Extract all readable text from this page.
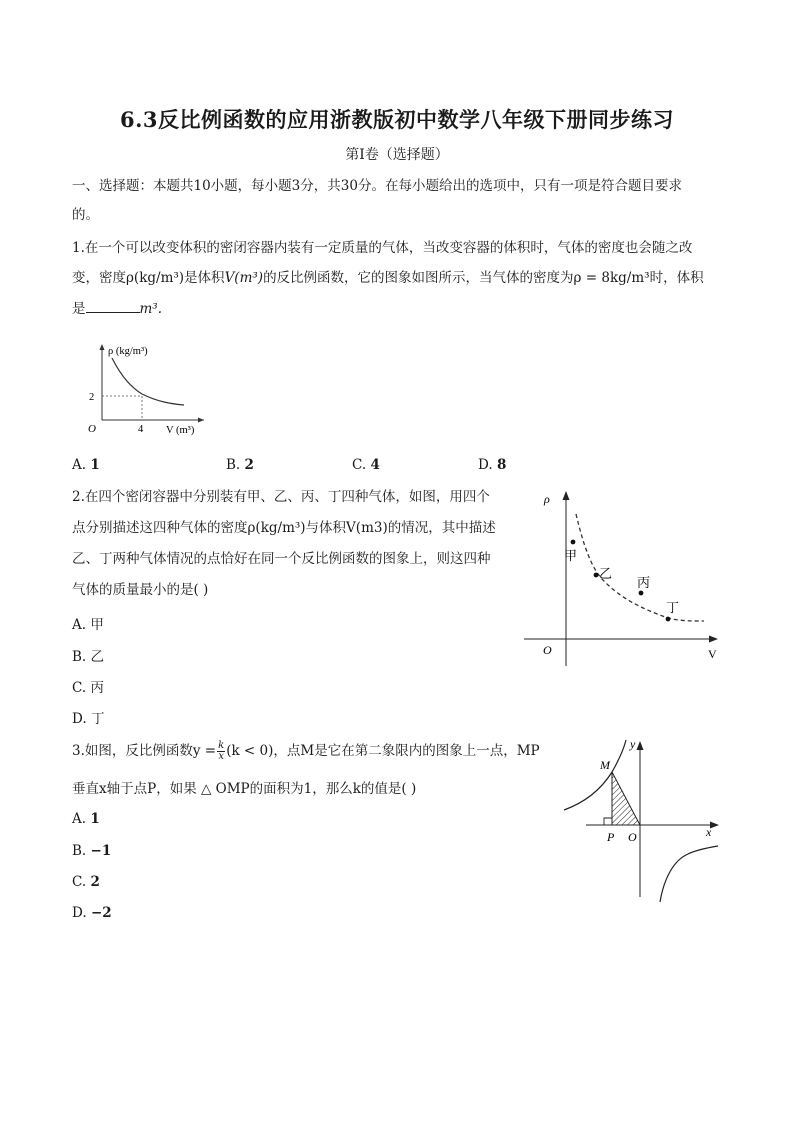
6.3反比例函数的应用浙教版初中数学八年级下册同步练习
第Ⅰ卷（选择题）
一、选择题：本题共10小题，每小题3分，共30分。在每小题给出的选项中，只有一项是符合题目要求
的。
1.在一个可以改变体积的密闭容器内装有一定质量的气体，当改变容器的体积时，气体的密度也会随之改
变，密度ρ(kg/m³)是体积V(m³)的反比例函数，它的图象如图所示，当气体的密度为ρ = 8kg/m³时，体积
是	m³.
ρ (kg/m³)
2
O	4 V (m³)
A. 1	B. 2	C. 4	D. 8
2.在四个密闭容器中分别装有甲、乙、丙、丁四种气体，如图，用四个
点分别描述这四种气体的密度ρ(kg/m³)与体积V(m3)的情况，其中描述
乙、丁两种气体情况的点恰好在同一个反比例函数的图象上，则这四种
气体的质量最小的是( )
甲
乙
丙
丁
ρ
V
O
A. 甲
B. 乙
C. 丙
D. 丁
3.如图，反比例函数$y = \frac{k}{x} (k < 0)$，点M是它在第二象限内的图象上一点，MP
垂直x轴于点P，如果 △ OMP的面积为1，那么k的值是( )
M
P O	x
y
A. 1
B. −1
C. 2
D. −2
